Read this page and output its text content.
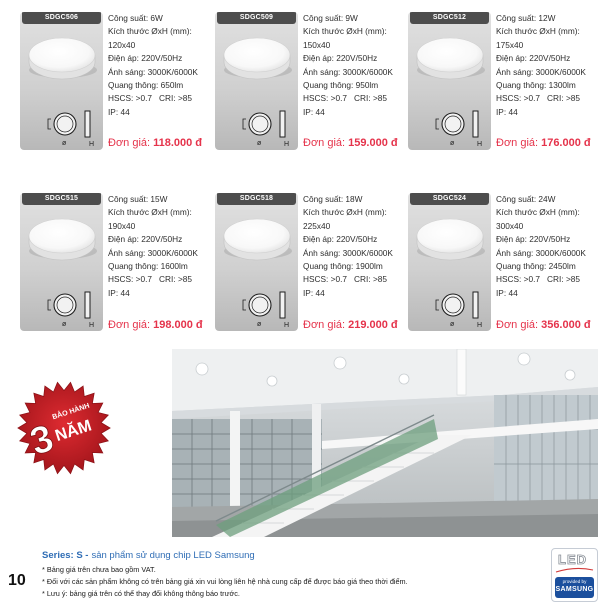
ø	H
SDGC506	Công suất: 6W
Kích thước ØxH (mm):
120x40
Điện áp: 220V/50Hz
Ánh sáng: 3000K/6000K
Quang thông: 650lm
HSCS: >0.7 CRI: >85
IP: 44
Đơn giá: 118.000 đ	ø	H
SDGC509	Công suất: 9W
Kích thước ØxH (mm):
150x40
Điện áp: 220V/50Hz
Ánh sáng: 3000K/6000K
Quang thông: 950lm
HSCS: >0.7 CRI: >85
IP: 44
Đơn giá: 159.000 đ	ø	H
SDGC512	Công suất: 12W
Kích thước ØxH (mm):
175x40
Điện áp: 220V/50Hz
Ánh sáng: 3000K/6000K
Quang thông: 1300lm
HSCS: >0.7 CRI: >85
IP: 44
Đơn giá: 176.000 đ
ø	H
SDGC515	Công suất: 15W
Kích thước ØxH (mm):
190x40
Điện áp: 220V/50Hz
Ánh sáng: 3000K/6000K
Quang thông: 1600lm
HSCS: >0.7 CRI: >85
IP: 44
Đơn giá: 198.000 đ	ø	H
SDGC518	Công suất: 18W
Kích thước ØxH (mm):
225x40
Điện áp: 220V/50Hz
Ánh sáng: 3000K/6000K
Quang thông: 1900lm
HSCS: >0.7 CRI: >85
IP: 44
Đơn giá: 219.000 đ	ø	H
SDGC524	Công suất: 24W
Kích thước ØxH (mm):
300x40
Điện áp: 220V/50Hz
Ánh sáng: 3000K/6000K
Quang thông: 2450lm
HSCS: >0.7 CRI: >85
IP: 44
Đơn giá: 356.000 đ
3
BẢO HÀNH
NĂM
Series: S - sản phẩm sử dụng chip LED Samsung
* Bảng giá trên chưa bao gồm VAT.
* Đối với các sản phẩm không có trên bảng giá xin vui lòng liên hệ nhà cung cấp để được báo giá theo thời điểm.
* Lưu ý: bảng giá trên có thể thay đổi không thông báo trước.
10
LED
provided by
SAMSUNG
